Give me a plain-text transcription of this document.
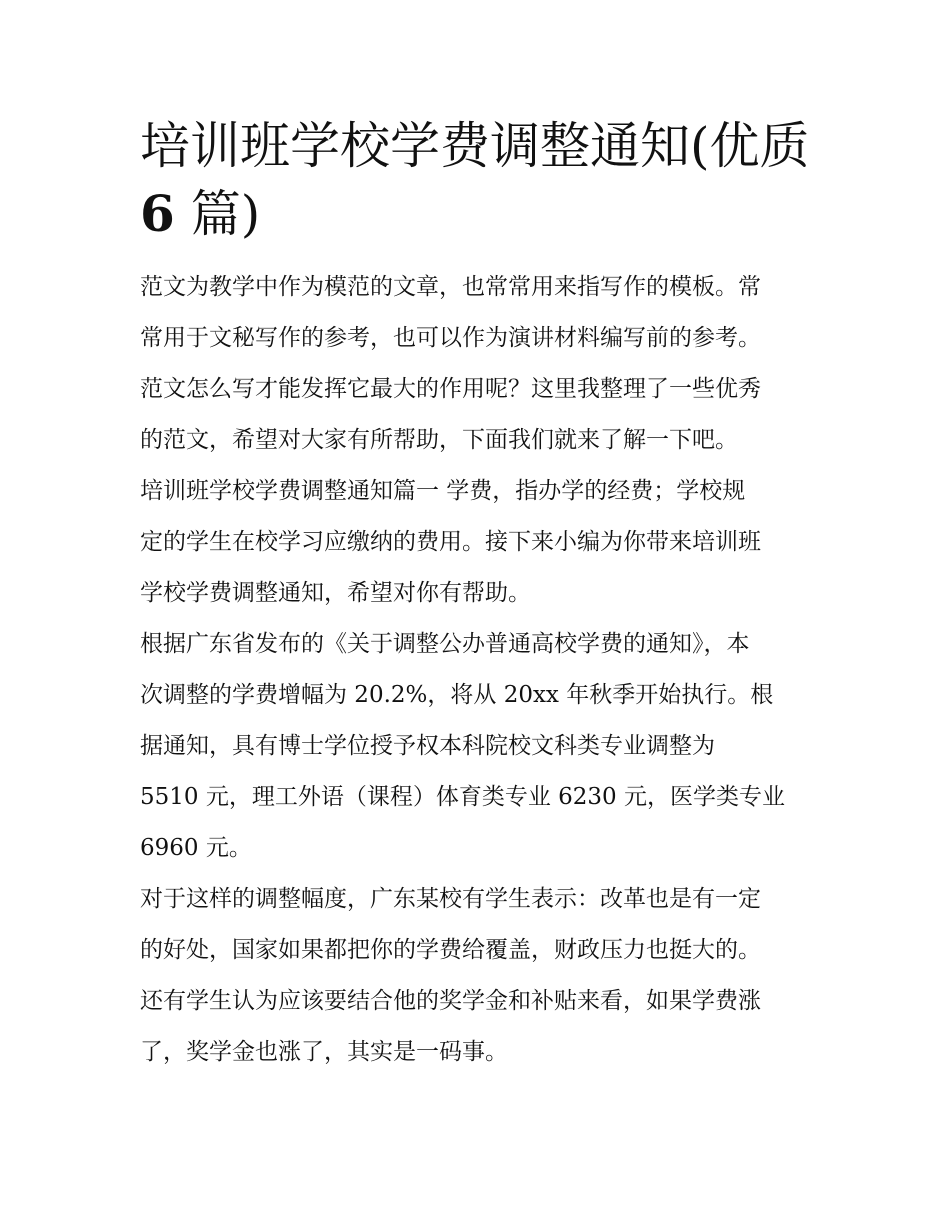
培训班学校学费调整通知(优质
6 篇)

范文为教学中作为模范的文章，也常常用来指写作的模板。常
常用于文秘写作的参考，也可以作为演讲材料编写前的参考。
范文怎么写才能发挥它最大的作用呢？这里我整理了一些优秀
的范文，希望对大家有所帮助，下面我们就来了解一下吧。

培训班学校学费调整通知篇一 学费，指办学的经费；学校规
定的学生在校学习应缴纳的费用。接下来小编为你带来培训班
学校学费调整通知，希望对你有帮助。

根据广东省发布的《关于调整公办普通高校学费的通知》，本
次调整的学费增幅为 20.2%，将从 20xx 年秋季开始执行。根
据通知，具有博士学位授予权本科院校文科类专业调整为
5510 元，理工外语（课程）体育类专业 6230 元，医学类专业
6960 元。

对于这样的调整幅度，广东某校有学生表示：改革也是有一定
的好处，国家如果都把你的学费给覆盖，财政压力也挺大的。
还有学生认为应该要结合他的奖学金和补贴来看，如果学费涨
了，奖学金也涨了，其实是一码事。
